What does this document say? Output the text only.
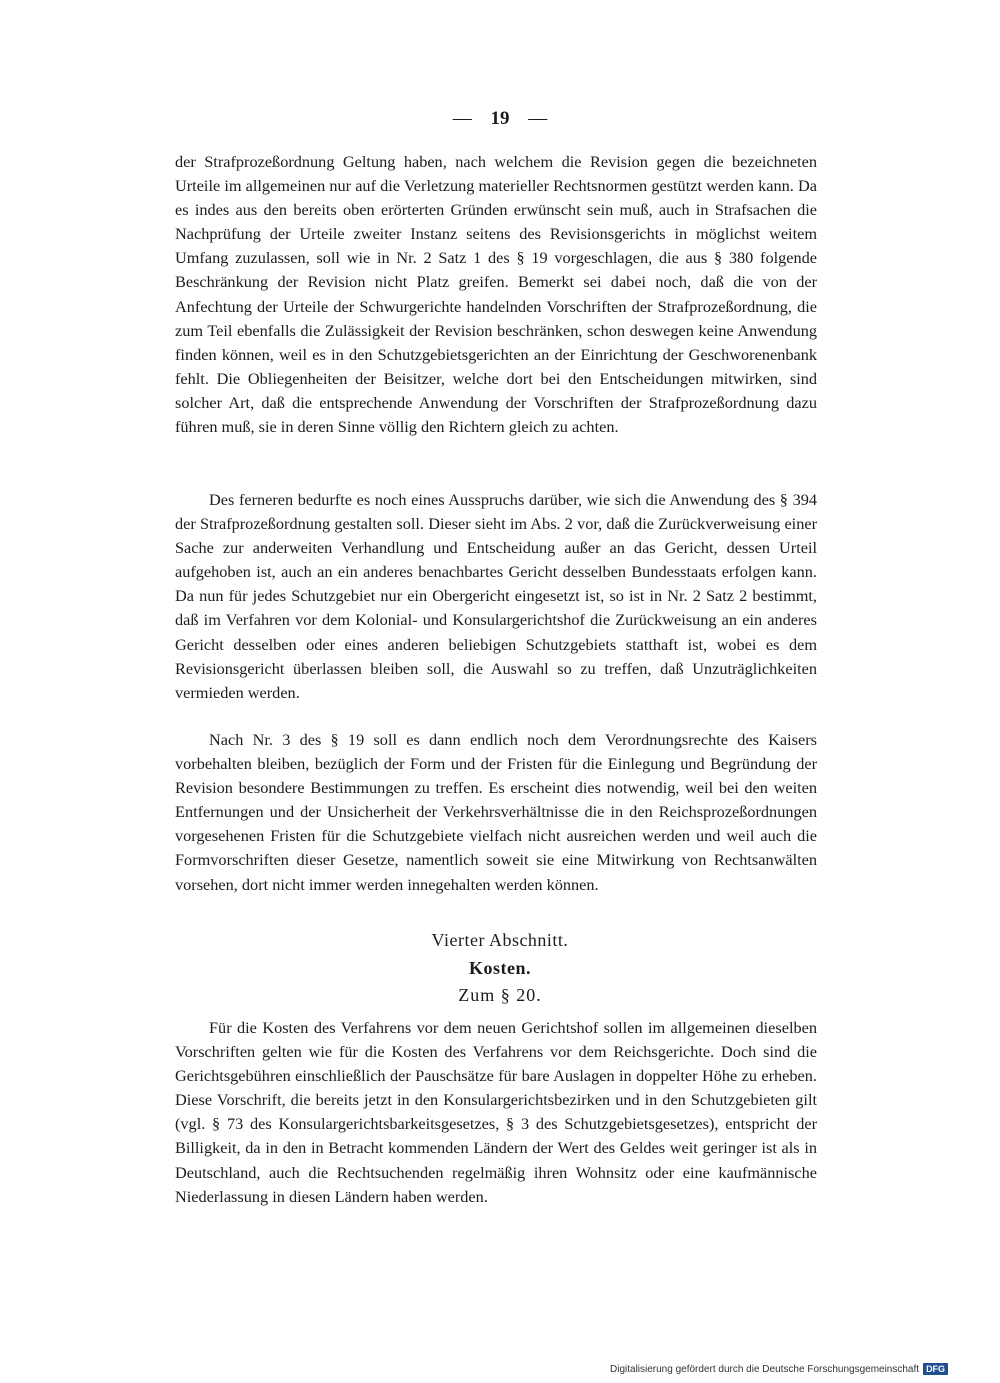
— 19 —

der Strafprozeßordnung Geltung haben, nach welchem die Revision gegen die bezeichneten Urteile im allgemeinen nur auf die Verletzung materieller Rechtsnormen gestützt werden kann. Da es indes aus den bereits oben erörterten Gründen erwünscht sein muß, auch in Strafsachen die Nachprüfung der Urteile zweiter Instanz seitens des Revisionsgerichts in möglichst weitem Umfang zuzulassen, soll wie in Nr. 2 Satz 1 des § 19 vorgeschlagen, die aus § 380 folgende Beschränkung der Revision nicht Platz greifen. Bemerkt sei dabei noch, daß die von der Anfechtung der Urteile der Schwurgerichte handelnden Vorschriften der Strafprozeßordnung, die zum Teil ebenfalls die Zulässigkeit der Revision beschränken, schon deswegen keine Anwendung finden können, weil es in den Schutzgebietsgerichten an der Einrichtung der Geschworenenbank fehlt. Die Obliegenheiten der Beisitzer, welche dort bei den Entscheidungen mitwirken, sind solcher Art, daß die entsprechende Anwendung der Vorschriften der Strafprozeßordnung dazu führen muß, sie in deren Sinne völlig den Richtern gleich zu achten.

Des ferneren bedurfte es noch eines Ausspruchs darüber, wie sich die Anwendung des § 394 der Strafprozeßordnung gestalten soll. Dieser sieht im Abs. 2 vor, daß die Zurückverweisung einer Sache zur anderweiten Verhandlung und Entscheidung außer an das Gericht, dessen Urteil aufgehoben ist, auch an ein anderes benachbartes Gericht desselben Bundesstaats erfolgen kann. Da nun für jedes Schutzgebiet nur ein Obergericht eingesetzt ist, so ist in Nr. 2 Satz 2 bestimmt, daß im Verfahren vor dem Kolonial- und Konsulargerichtshof die Zurückweisung an ein anderes Gericht desselben oder eines anderen beliebigen Schutzgebiets statthaft ist, wobei es dem Revisionsgericht überlassen bleiben soll, die Auswahl so zu treffen, daß Unzuträglichkeiten vermieden werden.

Nach Nr. 3 des § 19 soll es dann endlich noch dem Verordnungsrechte des Kaisers vorbehalten bleiben, bezüglich der Form und der Fristen für die Einlegung und Begründung der Revision besondere Bestimmungen zu treffen. Es erscheint dies notwendig, weil bei den weiten Entfernungen und der Unsicherheit der Verkehrsverhältnisse die in den Reichsprozeßordnungen vorgesehenen Fristen für die Schutzgebiete vielfach nicht ausreichen werden und weil auch die Formvorschriften dieser Gesetze, namentlich soweit sie eine Mitwirkung von Rechtsanwälten vorsehen, dort nicht immer werden innegehalten werden können.

Vierter Abschnitt.
Kosten.
Zum § 20.

Für die Kosten des Verfahrens vor dem neuen Gerichtshof sollen im allgemeinen dieselben Vorschriften gelten wie für die Kosten des Verfahrens vor dem Reichsgerichte. Doch sind die Gerichtsgebühren einschließlich der Pauschsätze für bare Auslagen in doppelter Höhe zu erheben. Diese Vorschrift, die bereits jetzt in den Konsulargerichtsbezirken und in den Schutzgebieten gilt (vgl. § 73 des Konsulargerichtsbarkeitsgesetzes, § 3 des Schutzgebietsgesetzes), entspricht der Billigkeit, da in den in Betracht kommenden Ländern der Wert des Geldes weit geringer ist als in Deutschland, auch die Rechtsuchenden regelmäßig ihren Wohnsitz oder eine kaufmännische Niederlassung in diesen Ländern haben werden.

Digitalisierung gefördert durch die Deutsche Forschungsgemeinschaft DFG
